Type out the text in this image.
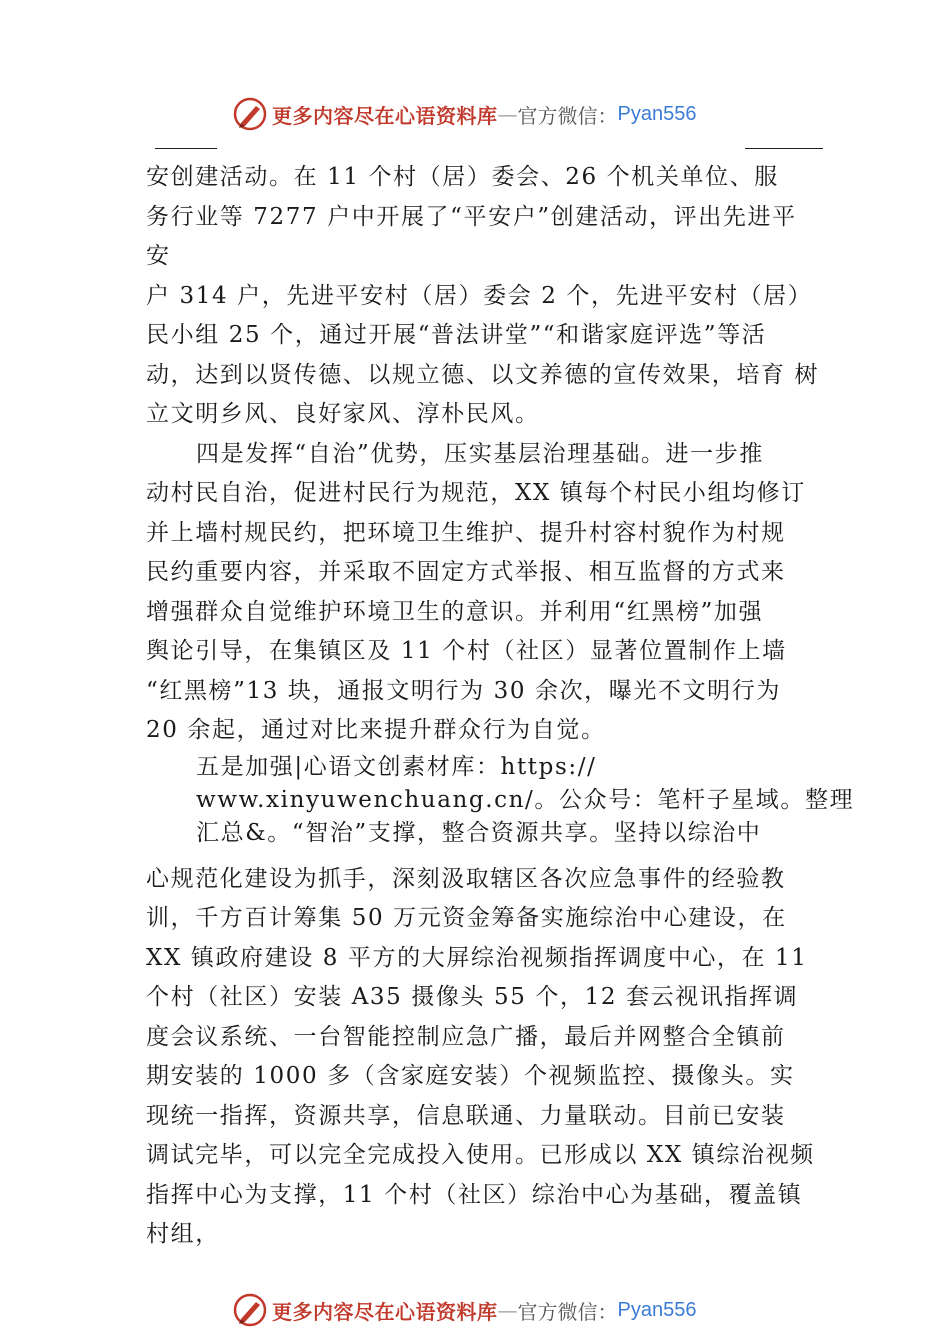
更多内容尽在心语资料库 — 官方微信： Pyan556
安创建活动。在 11 个村（居）委会、26 个机关单位、服
务行业等 7277 户中开展了“平安户”创建活动，评出先进平
安
户 314 户，先进平安村（居）委会 2 个，先进平安村（居）
民小组 25 个，通过开展“普法讲堂”“和谐家庭评选”等活
动，达到以贤传德、以规立德、以文养德的宣传效果，培育 树
立文明乡风、良好家风、淳朴民风。
四是发挥“自治”优势，压实基层治理基础。进一步推
动村民自治，促进村民行为规范，XX 镇每个村民小组均修订
并上墙村规民约，把环境卫生维护、提升村容村貌作为村规
民约重要内容，并采取不固定方式举报、相互监督的方式来
增强群众自觉维护环境卫生的意识。并利用“红黑榜”加强
舆论引导，在集镇区及 11 个村（社区）显著位置制作上墙
“红黑榜”13 块，通报文明行为 30 余次，曝光不文明行为
20 余起，通过对比来提升群众行为自觉。
五是加强|心语文创素材库：https://
www.xinyuwenchuang.cn/。公众号：笔杆子星域。整理
汇总&。“智治”支撑，整合资源共享。坚持以综治中
心规范化建设为抓手，深刻汲取辖区各次应急事件的经验教
训，千方百计筹集 50 万元资金筹备实施综治中心建设，在
XX 镇政府建设 8 平方的大屏综治视频指挥调度中心，在 11
个村（社区）安装 A35 摄像头 55 个，12 套云视讯指挥调
度会议系统、一台智能控制应急广播，最后并网整合全镇前
期安装的 1000 多（含家庭安装）个视频监控、摄像头。实
现统一指挥，资源共享，信息联通、力量联动。目前已安装
调试完毕，可以完全完成投入使用。已形成以 XX 镇综治视频
指挥中心为支撑，11 个村（社区）综治中心为基础，覆盖镇
村组，
更多内容尽在心语资料库 — 官方微信： Pyan556
